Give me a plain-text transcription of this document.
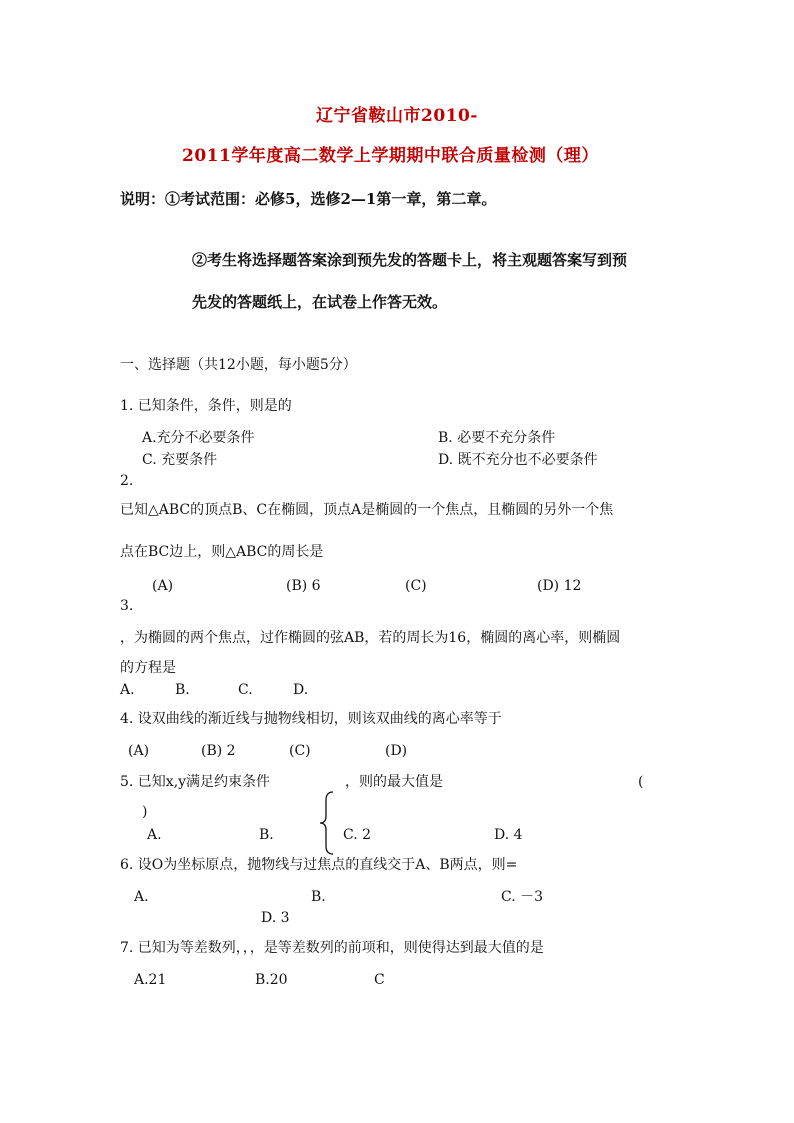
辽宁省鞍山市2010-
2011学年度高二数学上学期期中联合质量检测（理）
说明：①考试范围：必修5，选修2—1第一章，第二章。
②考生将选择题答案涂到预先发的答题卡上，将主观题答案写到预
先发的答题纸上，在试卷上作答无效。
一、选择题（共12小题，每小题5分）
1. 已知条件，条件，则是的
A.充分不必要条件	B. 必要不充分条件
C. 充要条件	D. 既不充分也不必要条件
2.
已知△ABC的顶点B、C在椭圆，顶点A是椭圆的一个焦点，且椭圆的另外一个焦
点在BC边上，则△ABC的周长是
(A)	(B) 6	(C)	(D) 12
3.
，为椭圆的两个焦点，过作椭圆的弦AB，若的周长为16，椭圆的离心率，则椭圆
的方程是
A.	B.	C.	D.
4. 设双曲线的渐近线与抛物线相切，则该双曲线的离心率等于
(A)	(B) 2	(C)	(D)
5. 已知x,y满足约束条件	，则的最大值是	(
)
A.	B.	C. 2	D. 4
6. 设O为坐标原点，抛物线与过焦点的直线交于A、B两点，则=
A.	B.	C. －3
D. 3
7. 已知为等差数列，，，是等差数列的前项和，则使得达到最大值的是
A.21	B.20	C
